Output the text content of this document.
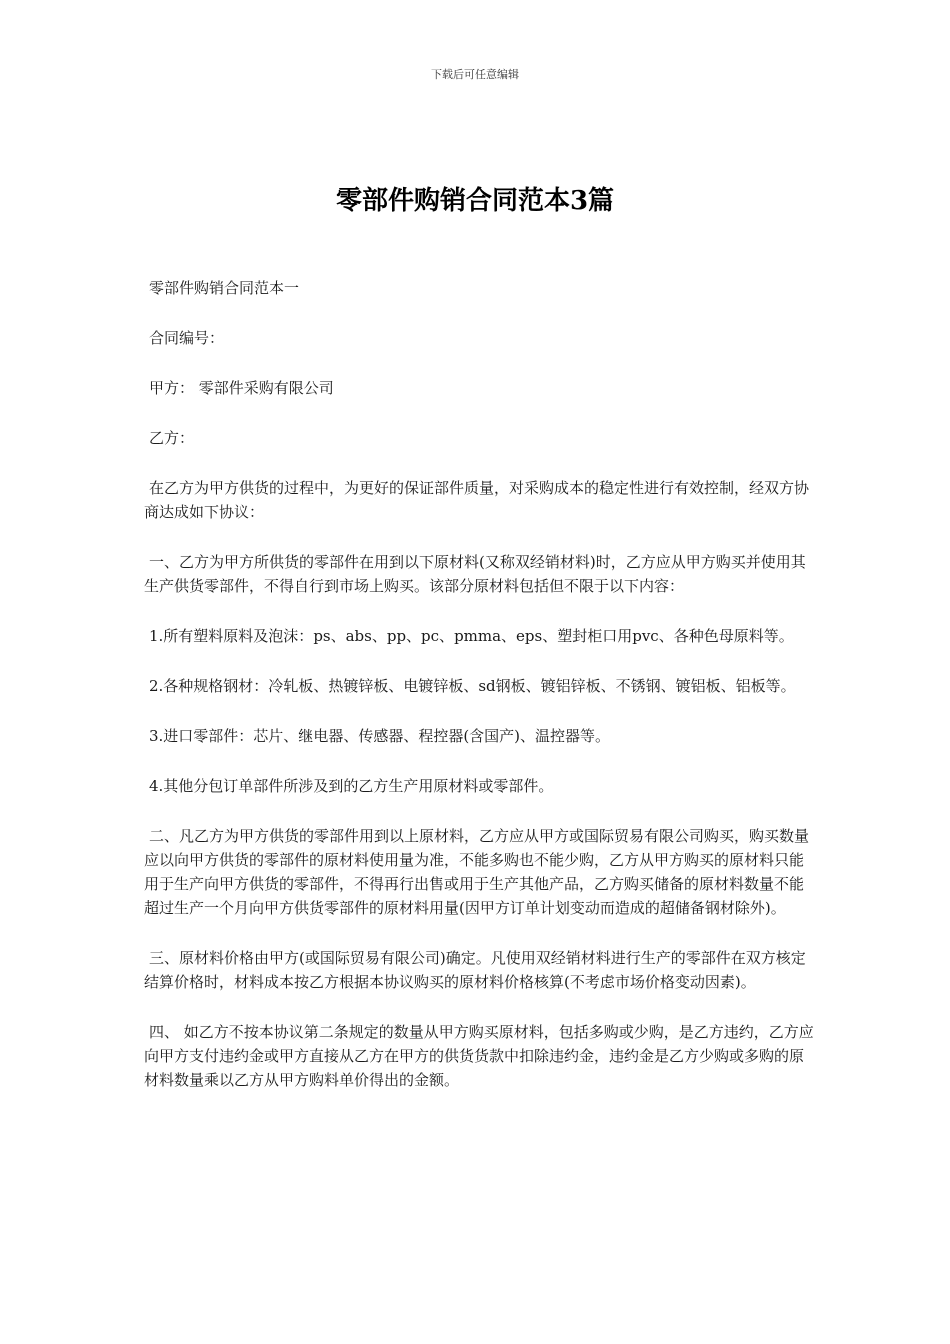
下载后可任意编辑
零部件购销合同范本3篇

零部件购销合同范本一

合同编号：

甲方： 零部件采购有限公司

乙方：

在乙方为甲方供货的过程中，为更好的保证部件质量，对采购成本的稳定性进行有效控制，经双方协商达成如下协议：

一、乙方为甲方所供货的零部件在用到以下原材料(又称双经销材料)时，乙方应从甲方购买并使用其生产供货零部件，不得自行到市场上购买。该部分原材料包括但不限于以下内容：

1.所有塑料原料及泡沫：ps、abs、pp、pc、pmma、eps、塑封柜口用pvc、各种色母原料等。

2.各种规格钢材：冷轧板、热镀锌板、电镀锌板、sd钢板、镀铝锌板、不锈钢、镀铝板、铝板等。

3.进口零部件：芯片、继电器、传感器、程控器(含国产)、温控器等。

4.其他分包订单部件所涉及到的乙方生产用原材料或零部件。

二、凡乙方为甲方供货的零部件用到以上原材料，乙方应从甲方或国际贸易有限公司购买，购买数量应以向甲方供货的零部件的原材料使用量为准，不能多购也不能少购，乙方从甲方购买的原材料只能用于生产向甲方供货的零部件，不得再行出售或用于生产其他产品，乙方购买储备的原材料数量不能超过生产一个月向甲方供货零部件的原材料用量(因甲方订单计划变动而造成的超储备钢材除外)。

三、原材料价格由甲方(或国际贸易有限公司)确定。凡使用双经销材料进行生产的零部件在双方核定结算价格时，材料成本按乙方根据本协议购买的原材料价格核算(不考虑市场价格变动因素)。

四、 如乙方不按本协议第二条规定的数量从甲方购买原材料，包括多购或少购，是乙方违约，乙方应向甲方支付违约金或甲方直接从乙方在甲方的供货货款中扣除违约金，违约金是乙方少购或多购的原材料数量乘以乙方从甲方购料单价得出的金额。
